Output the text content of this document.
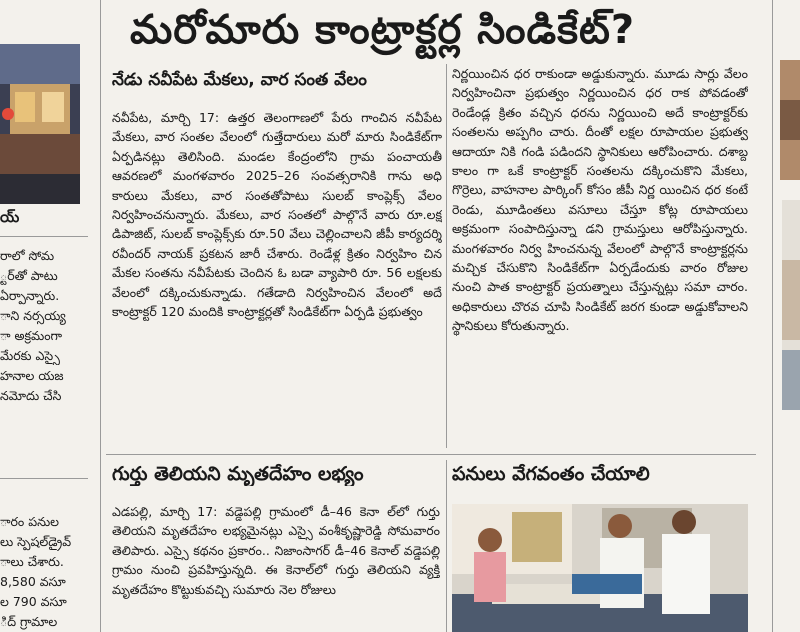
య్
రాలో సోమ
్టర్‌తో పాటు
ఏర్పాన్నారు.
ాని నర్సయ్య
ా అక్రమంగా
మేరకు ఎస్సై
హనాల యజ
నమోదు చేసి
ారం పనుల
లు స్పెషల్‌డ్రైవ్
ాలు చేశారు.
8,580 వసూ
ల 790 వసూ
ిద్ గ్రామాల
మరోమారు కాంట్రాక్టర్ల సిండికేట్?
నేడు నవీపేట మేకలు, వార సంత వేలం

నవీపేట, మార్చి 17: ఉత్తర తెలంగాణలో పేరు గాంచిన నవీపేట మేకలు, వార సంతల వేలంలో గుత్తేదారులు మరో మారు సిండికేట్‌గా ఏర్పడినట్లు తెలిసింది. మండల కేంద్రంలోని గ్రామ పంచాయతీ ఆవరణలో మంగళవారం 2025–26 సంవత్సరానికి గాను అధి కారులు మేకలు, వార సంతతోపాటు సులబ్ కాంప్లెక్స్ వేలం నిర్వహించనున్నారు. మేకలు, వార సంతలో పాల్గొనే వారు రూ.లక్ష డిపాజిట్, సులబ్ కాంప్లెక్స్‌కు రూ.50 వేలు చెల్లించాలని జీపీ కార్యదర్శి రవీందర్ నాయక్ ప్రకటన జారీ చేశారు. రెండేళ్ల క్రితం నిర్వహిం చిన మేకల సంతను నవీపేటకు చెందిన ఓ బడా వ్యాపారి రూ. 56 లక్షలకు వేలంలో దక్కించుకున్నాడు. గతేడాది నిర్వహించిన వేలంలో అదే కాంట్రాక్టర్ 120 మందికి కాంట్రాక్టర్లతో సిండికేట్‌గా ఏర్పడి ప్రభుత్వం

నిర్ణయించిన ధర రాకుండా అడ్డుకున్నారు. మూడు సార్లు వేలం నిర్వహించినా ప్రభుత్వం నిర్ణయించిన ధర రాక పోవడంతో రెండేండ్ల క్రితం వచ్చిన ధరను నిర్ణయించి అదే కాంట్రాక్టర్‌కు సంతలను అప్పగిం చారు. దీంతో లక్షల రూపాయల ప్రభుత్వ ఆదాయా నికి గండి పడిందని స్థానికులు ఆరోపించారు. దశాబ్ద కాలం గా ఒకే కాంట్రాక్టర్ సంతలను దక్కించుకొని మేకలు, గొర్రెలు, వాహనాల పార్కింగ్ కోసం జీపీ నిర్ణ యించిన ధర కంటే రెండు, మూడింతలు వసూలు చేస్తూ కోట్ల రూపాయలు అక్రమంగా సంపాదిస్తున్నా డని గ్రామస్తులు ఆరోపిస్తున్నారు. మంగళవారం నిర్వ హించనున్న వేలంలో పాల్గొనే కాంట్రాక్టర్లను మచ్చిక చేసుకొని సిండికేట్‌గా ఏర్పడేందుకు వారం రోజుల నుంచి పాత కాంట్రాక్టర్ ప్రయత్నాలు చేస్తున్నట్లు సమా చారం. అధికారులు చొరవ చూపి సిండికేట్ జరగ కుండా అడ్డుకోవాలని స్థానికులు కోరుతున్నారు.

గుర్తు తెలియని మృతదేహం లభ్యం

ఎడపల్లి, మార్చి 17: వడ్డెపల్లి గ్రామంలో డీ–46 కెనా ల్‌లో గుర్తు తెలియని మృతదేహం లభ్యమైనట్లు ఎస్సై వంశీకృష్ణారెడ్డి సోమవారం తెలిపారు. ఎస్సై కథనం ప్రకారం.. నిజాంసాగర్ డీ–46 కెనాల్ వడ్డెపల్లి గ్రామం నుంచి ప్రవహిస్తున్నది. ఈ కెనాల్‌లో గుర్తు తెలియని వ్యక్తి మృతదేహం కొట్టుకువచ్చి సుమారు నెల రోజులు

పనులు వేగవంతం చేయాలి
